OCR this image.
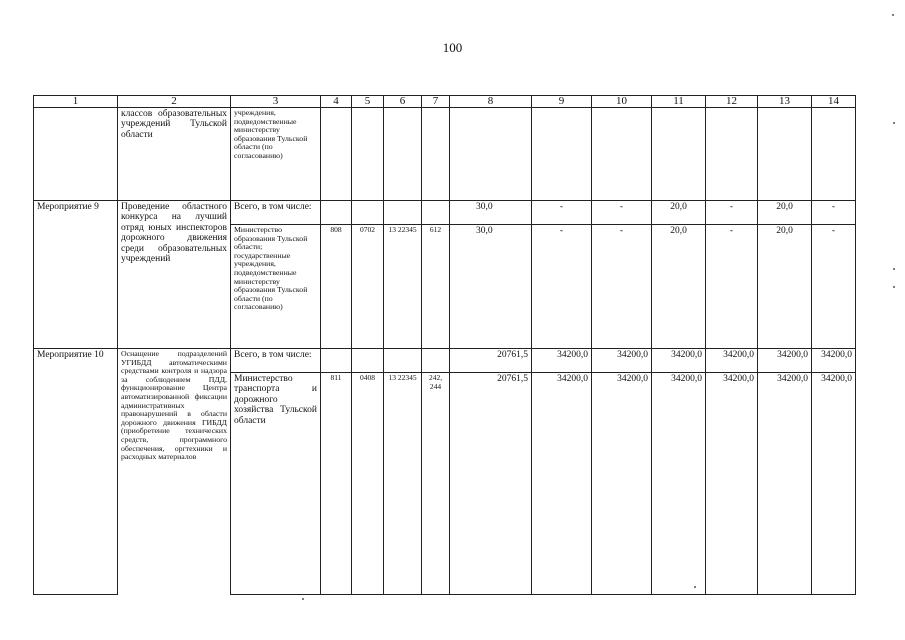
100
1	2	3	4	5	6	7	8	9	10	11	12	13	14
	классов образовательных учреждений Тульской области	учреждения, подведомственные министерству образования Тульской области (по согласованию)											
Мероприятие 9	Проведение областного конкурса на лучший отряд юных инспекторов дорожного движения среди образовательных учреждений	Всего, в том числе:					30,0	-	-	20,0	-	20,0	-
		Министерство образования Тульской области; государственные учреждения, подведомственные министерству образования Тульской области (по согласованию)	808	0702	13 22345	612	30,0	-	-	20,0	-	20,0	-
Мероприятие 10	Оснащение подразделений УГИБДД автоматическими средствами контроля и надзора за соблюдением ПДД, функционирование Центра автоматизированной фиксации административных правонарушений в области дорожного движения ГИБДД (приобретение технических средств, программного обеспечения, оргтехники и расходных материалов	Всего, в том числе:					20761,5	34200,0	34200,0	34200,0	34200,0	34200,0	34200,0
		Министерство транспорта и дорожного хозяйства Тульской области	811	0408	13 22345	242, 244	20761,5	34200,0	34200,0	34200,0	34200,0	34200,0	34200,0
